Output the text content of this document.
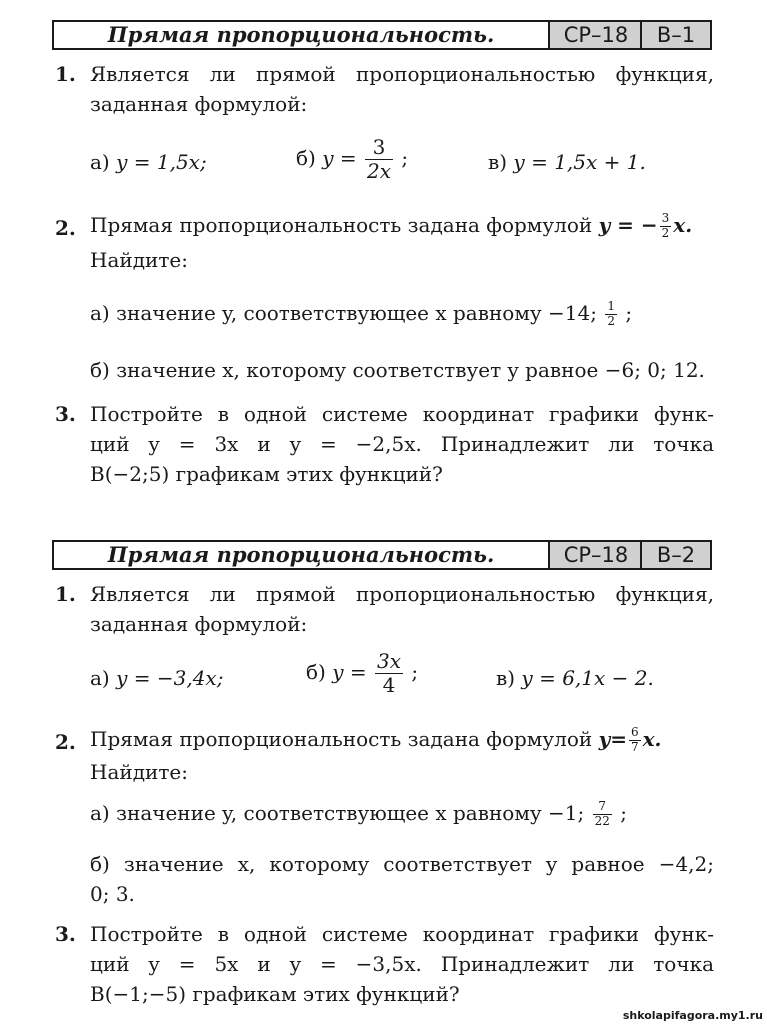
Прямая пропорциональность.	СР–18	В–1
1. Является ли прямой пропорциональностью функция,
заданная формулой:
а) y = 1,5x;	б) $y = \frac{3}{2x}$ ;	в) y = 1,5x + 1.
2. Прямая пропорциональность задана формулой y = − $\frac{3}{2} x$.
Найдите:
а) значение y, соответствующее x равному −14; $\frac{1}{2}$ ;
б) значение x, которому соответствует y равное −6; 0; 12.
3. Постройте в одной системе координат графики функ-
ций y = 3x и y = −2,5x. Принадлежит ли точка
B(−2;5) графикам этих функций?
Прямая пропорциональность.	СР–18	В–2
1. Является ли прямой пропорциональностью функция,
заданная формулой:
а) y = −3,4x;	б) $y = \frac{3x}{4}$ ;	в) y = 6,1x − 2.
2. Прямая пропорциональность задана формулой $y= \frac{6}{7} x$.
Найдите:
а) значение y, соответствующее x равному −1; $\frac{7}{22}$ ;
б) значение x, которому соответствует y равное −4,2;
0; 3.
3. Постройте в одной системе координат графики функ-
ций y = 5x и y = −3,5x. Принадлежит ли точка
B(−1;−5) графикам этих функций?
shkolapifagora.my1.ru
